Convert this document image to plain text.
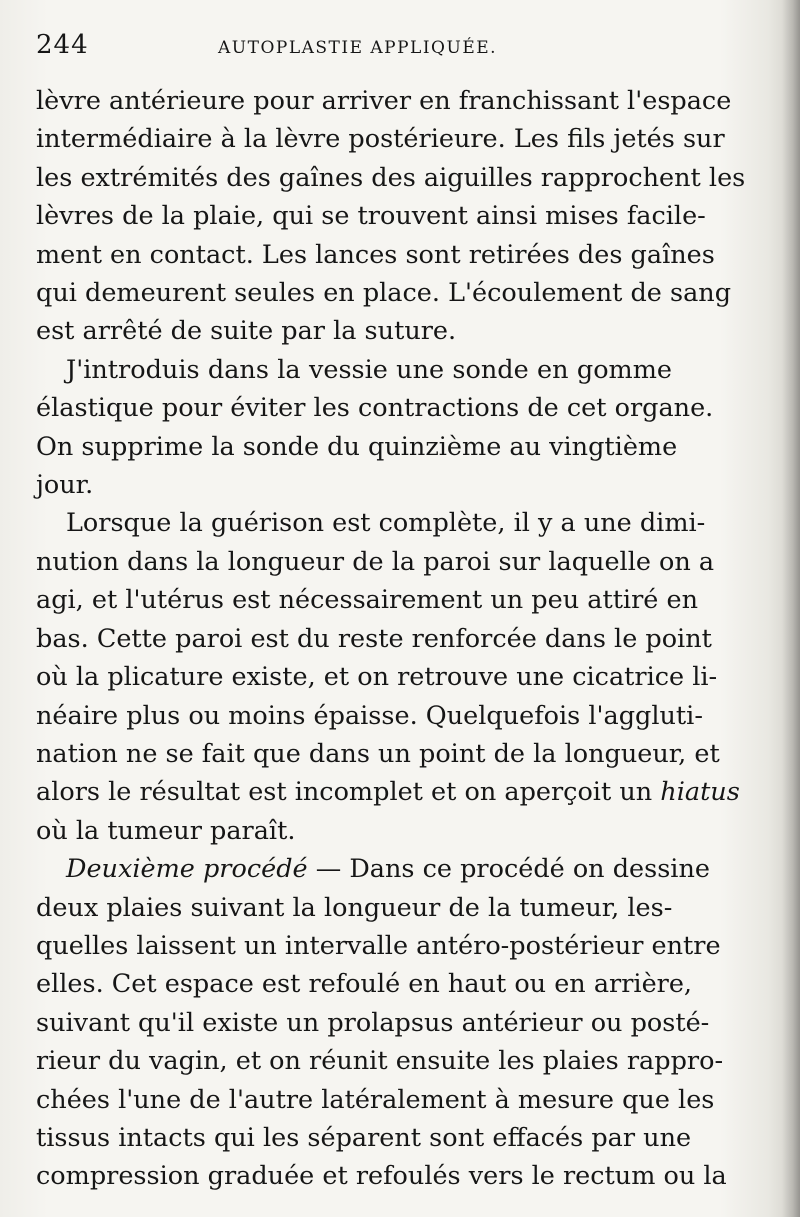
244	AUTOPLASTIE APPLIQUÉE.

lèvre antérieure pour arriver en franchissant l'espace
intermédiaire à la lèvre postérieure. Les fils jetés sur
les extrémités des gaînes des aiguilles rapprochent les
lèvres de la plaie, qui se trouvent ainsi mises facile-
ment en contact. Les lances sont retirées des gaînes
qui demeurent seules en place. L'écoulement de sang
est arrêté de suite par la suture.

J'introduis dans la vessie une sonde en gomme
élastique pour éviter les contractions de cet organe.
On supprime la sonde du quinzième au vingtième
jour.

Lorsque la guérison est complète, il y a une dimi-
nution dans la longueur de la paroi sur laquelle on a
agi, et l'utérus est nécessairement un peu attiré en
bas. Cette paroi est du reste renforcée dans le point
où la plicature existe, et on retrouve une cicatrice li-
néaire plus ou moins épaisse. Quelquefois l'aggluti-
nation ne se fait que dans un point de la longueur, et
alors le résultat est incomplet et on aperçoit un hiatus
où la tumeur paraît.

Deuxième procédé — Dans ce procédé on dessine
deux plaies suivant la longueur de la tumeur, les-
quelles laissent un intervalle antéro-postérieur entre
elles. Cet espace est refoulé en haut ou en arrière,
suivant qu'il existe un prolapsus antérieur ou posté-
rieur du vagin, et on réunit ensuite les plaies rappro-
chées l'une de l'autre latéralement à mesure que les
tissus intacts qui les séparent sont effacés par une
compression graduée et refoulés vers le rectum ou la
